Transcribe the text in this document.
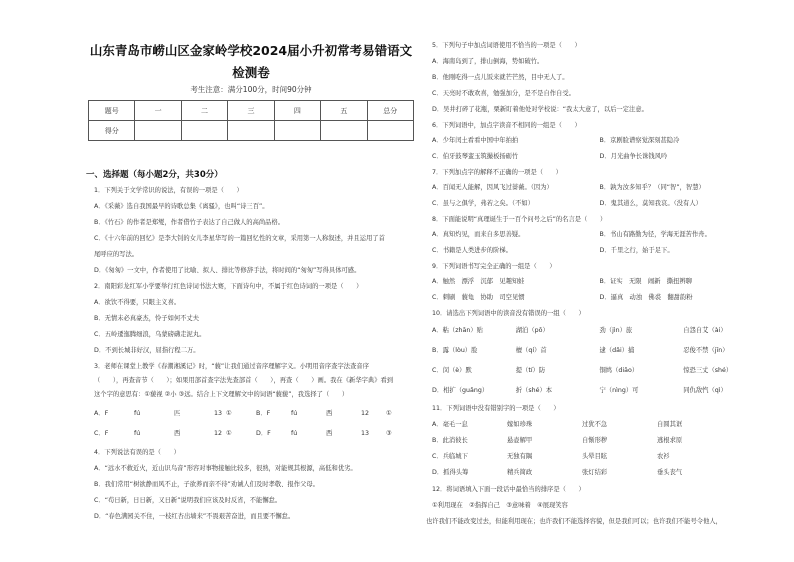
山东青岛市崂山区金家岭学校2024届小升初常考易错语文检测卷
考生注意：满分100分，时间90分钟
题号	一	二	三	四	五	总分
得分						
一、选择题（每小题2分，共30分）
1．下列关于文学常识的说法，有误的一项是（　　）
A．《采薇》选自我国最早的诗歌总集《离骚》，也叫“诗三百”。
B．《竹石》的作者是郑燮，作者借竹子表达了自己做人的高尚品格。
C．《十六年前的回忆》是李大钊的女儿李星华写的一篇回忆性的文章，采用第一人称叙述，并且运用了首
尾呼应的写法。
D．《匆匆》一文中，作者使用了比喻、拟人、排比等修辞手法，将时间的“匆匆”写得具体可感。
2．南阳彩龙红军小学要举行红色诗词书法大赛，下面诗句中，不属于红色诗词的一项是（　　）
A．欲饮不得要，只眼主义喜。
B．无情未必真豪杰，怜子如何不丈夫
C．五岭逶迤腾细浪，乌蒙磅礴走泥丸。
D．不到长城非好汉，屈指行程二万。
3．老师在课堂上教学《春潮湘溪记》时，“藐”让我们通过音序理解字义。小明用音序查字法查音序
（　　），再查音节（　　）；如果用部首查字法先查部首（　　），再查（　　）画。我在《新华字典》看到
这个字的意思有：①藐视 ②小 ③远。结合上下文理解文中的词语“藐藐”，我选择了（　　）
A．F	fú	匹	13 ①	B．F	fú	西	12	①
C．F	fú	西	12 ①	D．F	fú	西	13	③
4．下列说法有误的是（　　）
A．“远水不救近火，近山识鸟音”形容对事物接触比较多，很熟，对能规其根源，高低和优劣。
B．我们常用“树欲静而风不止，子欲养而亲不待”劝诫人们及时孝敬、报作父母。
C．“苟日新，日日新，又日新”说明我们应该及时反省，不能懈怠。
D．“春色满园关不住，一枝红杏出墙来”不畏艰苦奋进，而且要不懈怠。
5．下列句子中加点词语使用不恰当的一项是（　　）
A．海南岛到了，排山倒海，势如破竹。
B．他刚吃得一点儿饭来就芒芒然，目中无人了。
C．天亮时不敢欢喜，勉强加分，是不是自作自受。
D．吴井打碎了花瓶，栗新盯着他处对学校说：“我太大意了，以后一定注意。
6．下列词语中，加点字读音不相同的一组是（　　）
A．少年闰土看看中国中年拍拍	B．京剧脸谱察觉深刻甚隐冷
C．伯牙鼓琴蛮玉筑撮板扬砺竹	D．月光曲争长诛钱风吟
7．下列加点字的解释不正确的一项是（　　）
A．百闻无人能解，因风飞过蔷薇。（因为）	B．孰为汝多知乎？（同“智”，智慧）
C．虽与之俱学，弗若之矣。（不如）	D．鬼其道么，莫知我哀。（没有人）
8．下面能说明“真理诞生于一百个问号之后”的名言是（　　）
A．真知灼见，而来自多思善疑。	B．书山有路勤为径，学海无涯苦作舟。
C．书籍是人类进步的阶梯。	D．千里之行，始于足下。
9．下列词语书写完全正确的一组是（　　）
A．触然　漂浮　沉郁　见趣知蛙	B．证实　无限　闹新　撕扭辨聊
C．刺刷　藐龟　协助　司空见惯	D．逼真　动浊　佛裘　翻甜韵粉
10．请选出下列词语中的读音没有错误的一组（　　）
A．粘（zhān）贴	湖泊（pō）	劲（jìn）旅	自怨自艾（ài）
B．露（lòu）脸	檀（qí）首	逮（dǎi）捕	忍俊不禁（jīn）
C．闵（è）默	提（tí）防	铜鸠（diāo）	惊恐三丈（shé）
D．相扩（guǎng）	折（shé）本	宁（nìng）可	同仇敌忾（qì）
11．下列词语中没有错别字的一项是（　　）
A．毫毛一息	嫁如珍珠	过犹不急	自圆其诓
B．此消彼长	悬壶解甲	自惭形秽	逃根求原
C．兵临城下	无独有隅	头晕目眩	农衫
D．抓得头筹	精兵简政	张灯结彩	垂头丧气
12．将词语填入下面一段话中最恰当的排序是（　　）
①利用现在　②指挥自己　③意味着　④展现笑容
也许我们不能改变过去，但能利用现在；也许我们不能选择容貌，但是我们可以；也许我们不能号令他人，
